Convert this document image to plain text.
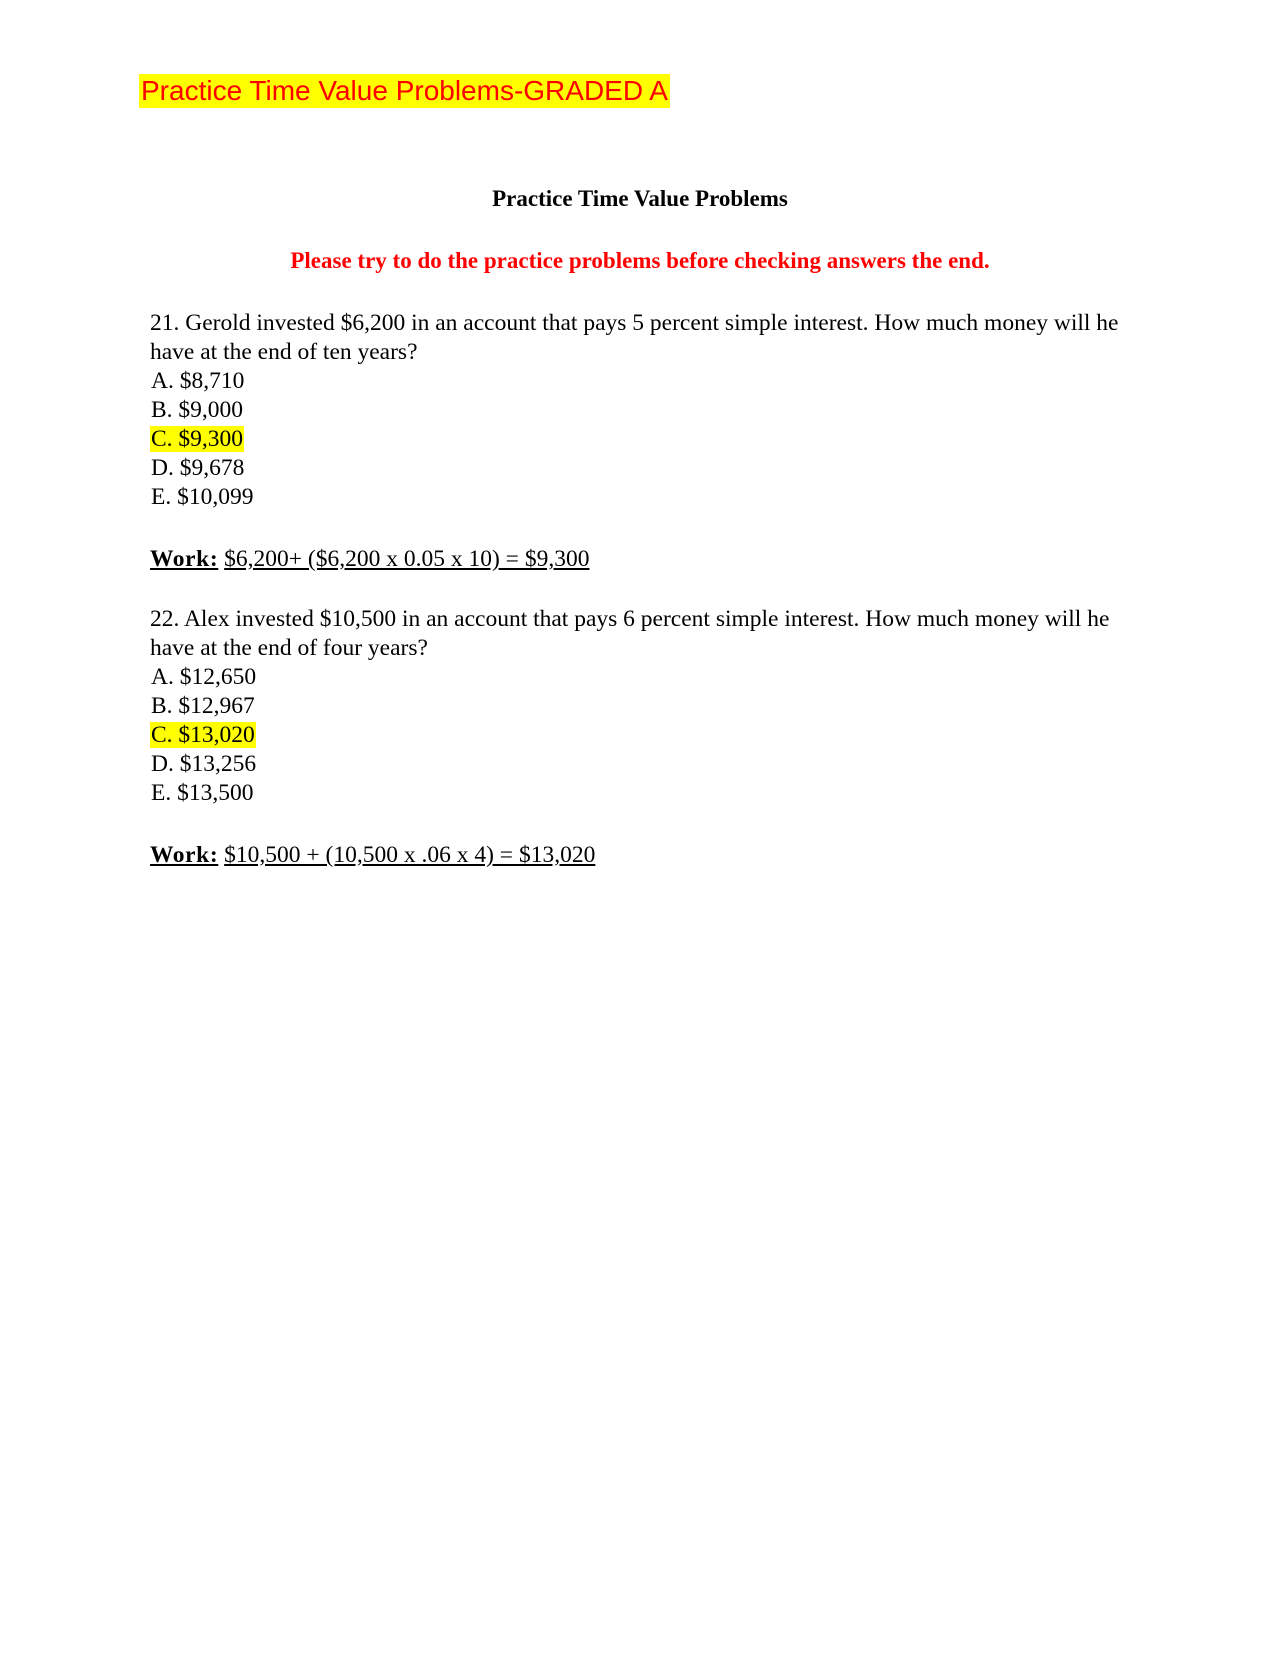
Practice Time Value Problems-GRADED A
Practice Time Value Problems
Please try to do the practice problems before checking answers the end.

21. Gerold invested $6,200 in an account that pays 5 percent simple interest. How much money will he have at the end of ten years?

A. $8,710
B. $9,000
C. $9,300
D. $9,678
E. $10,099
Work: $6,200+ ($6,200 x 0.05 x 10) = $9,300

22. Alex invested $10,500 in an account that pays 6 percent simple interest. How much money will he have at the end of four years?

A. $12,650
B. $12,967
C. $13,020
D. $13,256
E. $13,500
Work: $10,500 + (10,500 x .06 x 4) = $13,020
